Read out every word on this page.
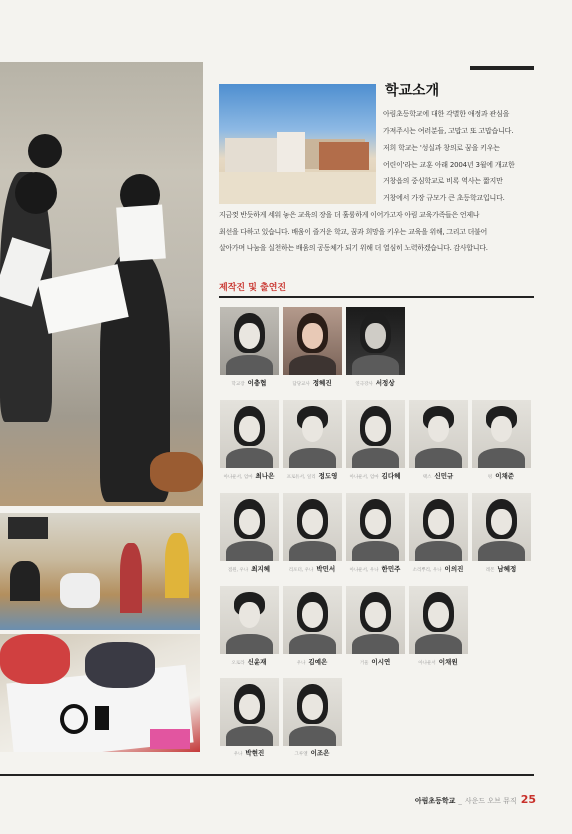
학교소개
아림초등학교에 대한 각별한 애정과 관심을
가져주시는 여러분들, 고맙고 또 고맙습니다.
저희 학교는 '성실과 창의로 꿈을 키우는
어린이'라는 교훈 아래 2004년 3월에 개교한
거창읍의 중심학교로 비록 역사는 짧지만
거창에서 가장 규모가 큰 초등학교입니다.
지금껏 반듯하게 세워 놓은 교육의 장을 더 훌륭하게 이어가고자 아림 교육가족들은 언제나
최선을 다하고 있습니다. 배움이 즐거운 학교, 꿈과 희망을 키우는 교육을 위해, 그리고 더불어
살아가며 나눔을 실천하는 배움의 공동체가 되기 위해 더 열심히 노력하겠습니다. 감사합니다.
제작진 및 출연진
학교장 이충협	담당교사 정혜진	연극강사 서정상
아나운서, 엄마 최나은	프로듀서, 일리 정도영	아나운서, 엄마 김다혜	택스 신민규	펑 이채준
점원, 우나 최지혜	리포터, 우나 박민서	아나운서, 우나 한민주	소리뿌리, 우나 이의진	레몬 남혜정
오로라 신윤재	우나 김예은	거울 이시연	아나운서 이채원
우나 박현진	그루엘 이조은
아림초등학교 _ 사운드 오브 뮤직 25
